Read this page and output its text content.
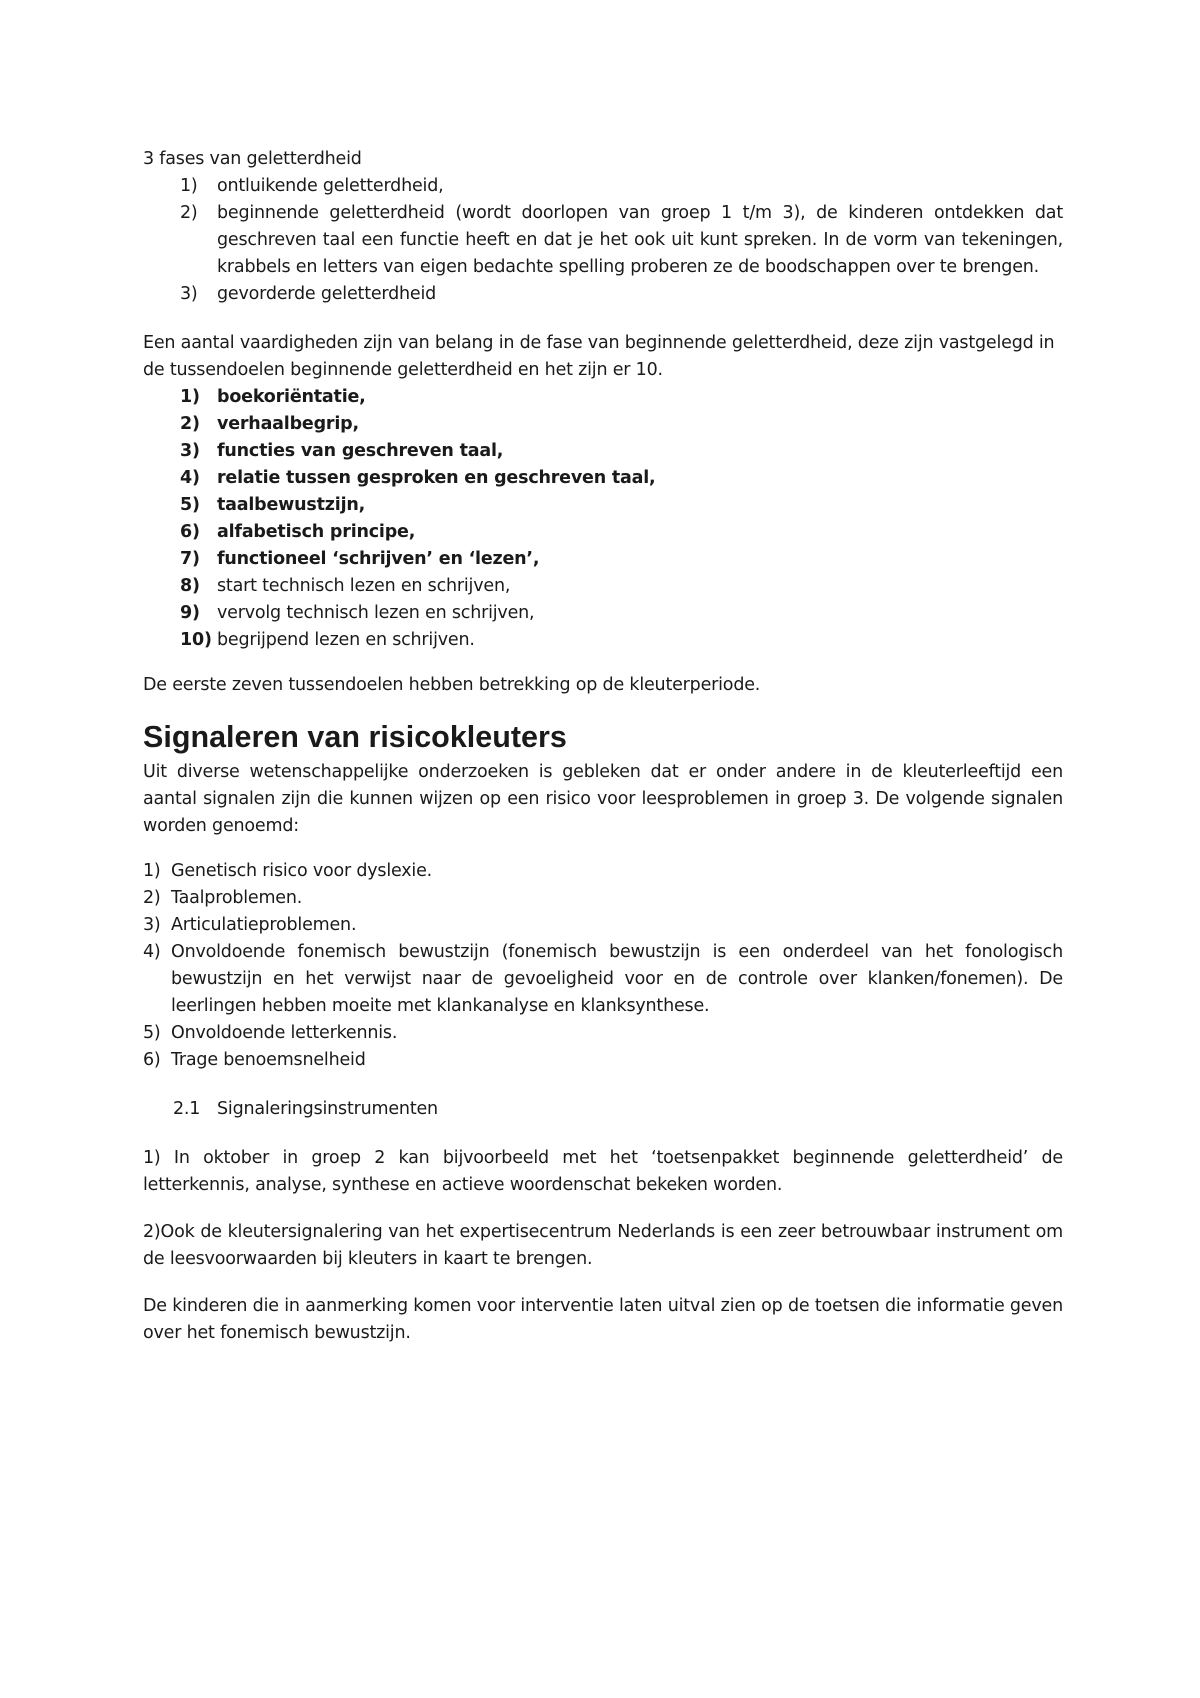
3 fases van geletterdheid

1) ontluikende geletterdheid,
2) beginnende geletterdheid (wordt doorlopen van groep 1 t/m 3), de kinderen ontdekken dat geschreven taal een functie heeft en dat je het ook uit kunt spreken. In de vorm van tekeningen, krabbels en letters van eigen bedachte spelling proberen ze de boodschappen over te brengen.
3) gevorderde geletterdheid

Een aantal vaardigheden zijn van belang in de fase van beginnende geletterdheid, deze zijn vastgelegd in de tussendoelen beginnende geletterdheid en het zijn er 10.

1) boekoriëntatie,
2) verhaalbegrip,
3) functies van geschreven taal,
4) relatie tussen gesproken en geschreven taal,
5) taalbewustzijn,
6) alfabetisch principe,
7) functioneel ‘schrijven’ en ‘lezen’,
8) start technisch lezen en schrijven,
9) vervolg technisch lezen en schrijven,
10) begrijpend lezen en schrijven.

De eerste zeven tussendoelen hebben betrekking op de kleuterperiode.

Signaleren van risicokleuters

Uit diverse wetenschappelijke onderzoeken is gebleken dat er onder andere in de kleuterleeftijd een aantal signalen zijn die kunnen wijzen op een risico voor leesproblemen in groep 3. De volgende signalen worden genoemd:

1) Genetisch risico voor dyslexie.
2) Taalproblemen.
3) Articulatieproblemen.
4) Onvoldoende fonemisch bewustzijn (fonemisch bewustzijn is een onderdeel van het fonologisch bewustzijn en het verwijst naar de gevoeligheid voor en de controle over klanken/fonemen). De leerlingen hebben moeite met klankanalyse en klanksynthese.
5) Onvoldoende letterkennis.
6) Trage benoemsnelheid

2.1 Signaleringsinstrumenten

1) In oktober in groep 2 kan bijvoorbeeld met het ‘toetsenpakket beginnende geletterdheid’ de letterkennis, analyse, synthese en actieve woordenschat bekeken worden.

2)Ook de kleutersignalering van het expertisecentrum Nederlands is een zeer betrouwbaar instrument om de leesvoorwaarden bij kleuters in kaart te brengen.

De kinderen die in aanmerking komen voor interventie laten uitval zien op de toetsen die informatie geven over het fonemisch bewustzijn.
